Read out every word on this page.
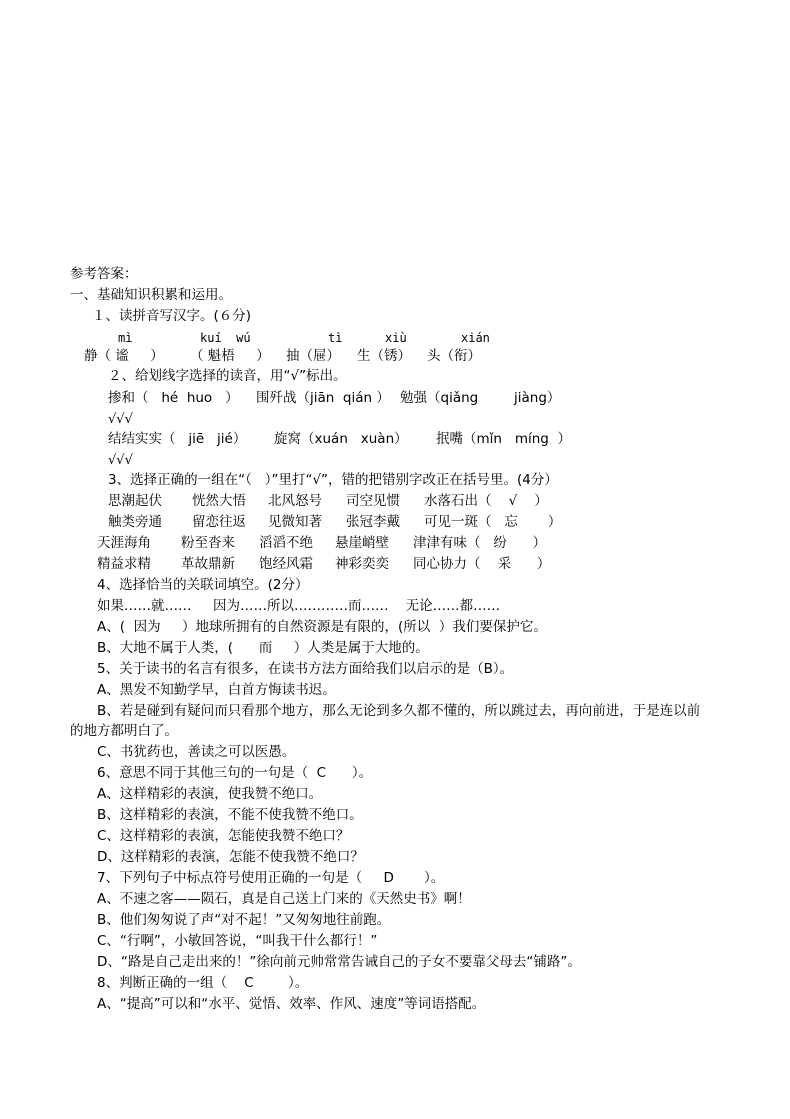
参考答案：
一、基础知识积累和运用。
１、读拼音写汉字。(６分)
mì	kuí  wú	tì	xiù	xián
静（ 谧     ） （ 魁梧     ） 抽（屉） 生（锈） 头（衔）
２、给划线字选择的读音，用“√”标出。
掺和（   hé  huo   ） 围歼战（jiān  qián ） 勉强（qiǎng	jiàng）
√√√
结结实实（   jiē   jié） 旋窝（xuán   xuàn） 抿嘴（mǐn   míng  ）
√√√
3、选择正确的一组在“（   ）”里打“√”，错的把错别字改正在括号里。(4分）
思潮起伏 恍然大悟 北风怒号 司空见惯 水落石出（    √    ）
触类旁通 留恋往返 见微知著 张冠李戴 可见一斑（   忘       ）
天涯海角 粉至沓来 滔滔不绝 悬崖峭壁 津津有味（   纷      ）
精益求精 革故鼎新 饱经风霜 神彩奕奕 同心协力（    采      ）
4、选择恰当的关联词填空。(2分）
如果……就……     因为……所以…………而……    无论……都……
A、(  因为     ）地球所拥有的自然资源是有限的，(所以  ）我们要保护它。
B、大地不属于人类，(      而     ）人类是属于大地的。
5、关于读书的名言有很多，在读书方法方面给我们以启示的是（B）。
A、黑发不知勤学早，白首方悔读书迟。
B、若是碰到有疑问而只看那个地方，那么无论到多久都不懂的，所以跳过去，再向前进，于是连以前
的地方都明白了。
C、书犹药也，善读之可以医愚。
6、意思不同于其他三句的一句是（  C      ）。
A、这样精彩的表演，使我赞不绝口。
B、这样精彩的表演，不能不使我赞不绝口。
C、这样精彩的表演，怎能使我赞不绝口？
D、这样精彩的表演，怎能不使我赞不绝口？
7、下列句子中标点符号使用正确的一句是（     D       ）。
A、不速之客——陨石，真是自己送上门来的《天然史书》啊！
B、他们匆匆说了声“对不起！”又匆匆地往前跑。
C、“行啊”，小敏回答说，“叫我干什么都行！”
D、“路是自己走出来的！”徐向前元帅常常告诫自己的子女不要靠父母去“铺路”。
8、判断正确的一组（    C        ）。
A、“提高”可以和“水平、觉悟、效率、作风、速度”等词语搭配。
